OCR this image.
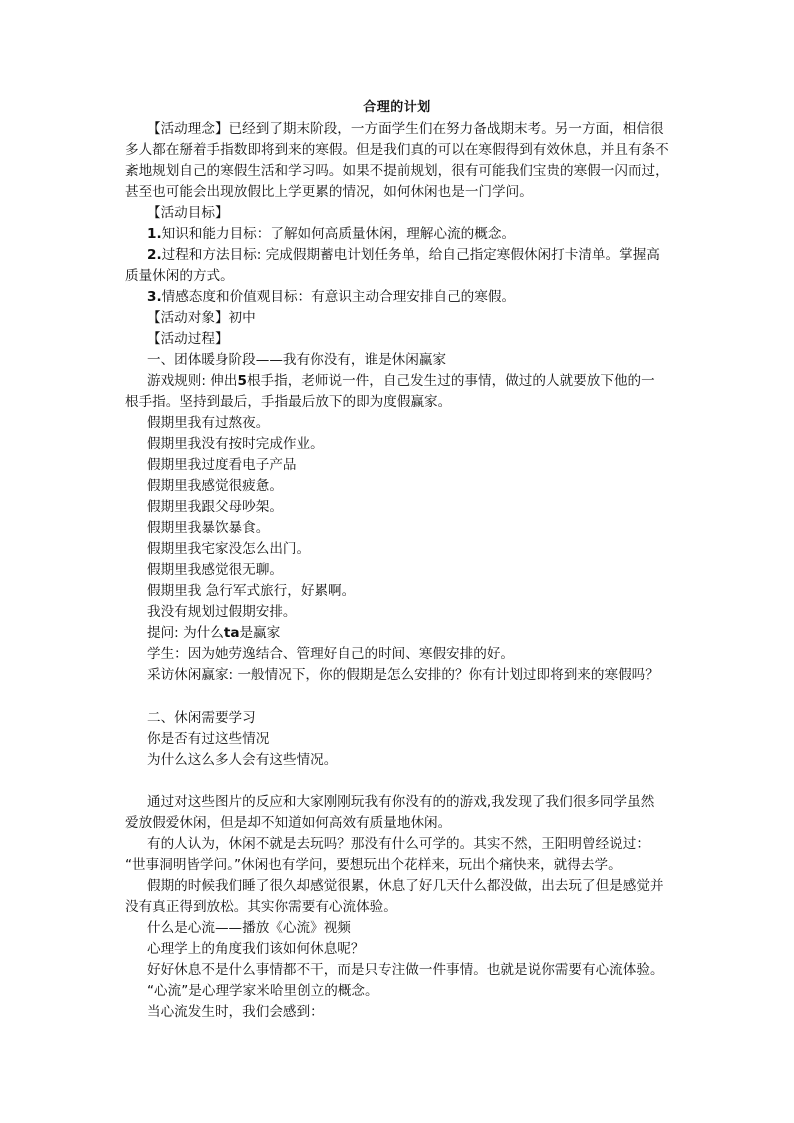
合理的计划
【活动理念】已经到了期末阶段，一方面学生们在努力备战期末考。另一方面，相信很
多人都在掰着手指数即将到来的寒假。但是我们真的可以在寒假得到有效休息，并且有条不
紊地规划自己的寒假生活和学习吗。如果不提前规划，很有可能我们宝贵的寒假一闪而过，
甚至也可能会出现放假比上学更累的情况，如何休闲也是一门学问。
【活动目标】
1.知识和能力目标：了解如何高质量休闲，理解心流的概念。
2.过程和方法目标: 完成假期蓄电计划任务单，给自己指定寒假休闲打卡清单。掌握高
质量休闲的方式。
3.情感态度和价值观目标：有意识主动合理安排自己的寒假。
【活动对象】初中
【活动过程】
一、团体暖身阶段——我有你没有，谁是休闲赢家
游戏规则: 伸出5根手指，老师说一件，自己发生过的事情，做过的人就要放下他的一
根手指。坚持到最后，手指最后放下的即为度假赢家。
假期里我有过熬夜。
假期里我没有按时完成作业。
假期里我过度看电子产品
假期里我感觉很疲惫。
假期里我跟父母吵架。
假期里我暴饮暴食。
假期里我宅家没怎么出门。
假期里我感觉很无聊。
假期里我 急行军式旅行，好累啊。
我没有规划过假期安排。
提问: 为什么ta是赢家
学生：因为她劳逸结合、管理好自己的时间、寒假安排的好。
采访休闲赢家: 一般情况下，你的假期是怎么安排的？你有计划过即将到来的寒假吗？
二、休闲需要学习
你是否有过这些情况
为什么这么多人会有这些情况。
通过对这些图片的反应和大家刚刚玩我有你没有的的游戏,我发现了我们很多同学虽然
爱放假爱休闲，但是却不知道如何高效有质量地休闲。
有的人认为，休闲不就是去玩吗？那没有什么可学的。其实不然，王阳明曾经说过：
“世事洞明皆学问。”休闲也有学问，要想玩出个花样来，玩出个痛快来，就得去学。
假期的时候我们睡了很久却感觉很累，休息了好几天什么都没做，出去玩了但是感觉并
没有真正得到放松。其实你需要有心流体验。
什么是心流——播放《心流》视频
心理学上的角度我们该如何休息呢？
好好休息不是什么事情都不干，而是只专注做一件事情。也就是说你需要有心流体验。
“心流”是心理学家米哈里创立的概念。
当心流发生时，我们会感到：
